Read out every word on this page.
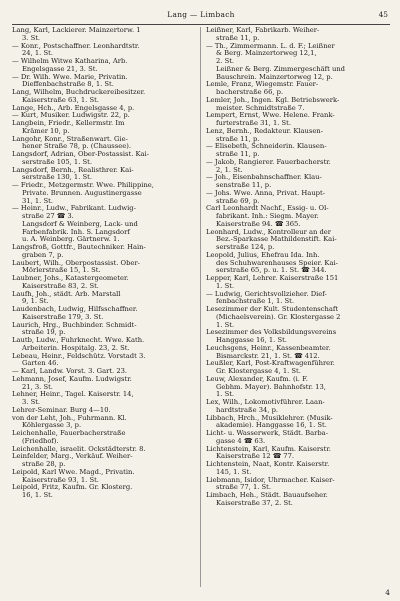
Lang — Limbach	45
Lang, Karl, Lackierer. Mainzertorw. 1
3. St.
— Konr., Postschaffner. Leonhardtstr.
24, 1. St.
— Wilhelm Witwe Katharina, Arb.
Engelsgasse 21, 3. St.
— Dr. Wilh. Wwe. Marie, Privatin.
Dieffenbachstraße 8, 1. St.
Lang, Wilhelm, Buchdruckereibesitzer.
Kaiserstraße 63, 1. St.
Lange, Hch., Arb. Engelsgasse 4, p.
— Kurt, Musiker. Ludwigstr. 22, p.
Langbein, Friedr., Kellermstr. Im
Krämer 10, p.
Langohr, Konr., Straßenwart. Gie-
hener Straße 78, p. (Chaussee).
Langsdorf, Adrian, Ober-Postassist. Kai-
serstraße 105, 1. St.
Langsdorf, Bernh., Realisthrer. Kai-
serstraße 130, 1. St.
— Friedr., Metzgermstr. Wwe. Philippine,
Private. Brunnen. Augustinergasse
31, 1. St.
— Heinr., Ludw., Fabrikant. Ludwig-
straße 27 ☎ 3.
Langsdorf & Weinberg, Lack- und
Farbenfabrik. Inh. S. Langsdorf
u. A. Weinberg. Gärtnerw. 1.
Langsfroß, Gottfr., Bautechniker. Hain-
graben 7, p.
Laubert, Wilh., Oberpostassist. Ober-
Mörlerstraße 15, 1. St.
Laubner, Johs., Katastergeometer.
Kaiserstraße 83, 2. St.
Laufh, Joh., städt. Arb. Marstall
9, 1. St.
Laudenbach, Ludwig, Hilfsschaffner.
Kaiserstraße 179, 3. St.
Laurich, Hrg., Buchbinder. Schmidt-
straße 19, p.
Lautb, Ludw., Fuhrknecht. Wwe. Kath.
Arbeiterin. Hospitalg. 23, 2. St.
Lebeau, Heinr., Feldschütz. Vorstadt 3.
Garten 46.
— Karl, Landw. Vorst. 3. Gart. 23.
Lehmann, Josef, Kaufm. Ludwigstr.
21, 3. St.
Lehner, Heinr., Tagel. Kaiserstr. 14,
3. St.
Lehrer-Seminar. Burg 4—10.
von der Leht, Joh., Fuhrmann. Kl.
Köhlergasse 3, p.
Leichenhalle, Fauerbacherstraße
(Friedhof).
Leichenhalle, israelit. Ockstädterstr. 8.
Leinfelder, Marg., Verkäuf. Weiher-
straße 28, p.
Leipold, Karl Wwe. Magd., Privatin.
Kaiserstraße 93, 1. St.
Leipold, Fritz, Kaufm. Gr. Klosterg.
16, 1. St.
Leißner, Karl, Fabrikarb. Weiher-
straße 11, p.
— Th., Zimmermann. L. d. F.; Leißner
& Berg. Mainzertorweg 12,1,
2. St.
Leißner & Berg. Zimmergeschäft und
Bauschrein. Mainzertorweg 12, p.
Lemle, Franz, Wiegemstr. Fauer-
bacherstraße 66, p.
Lemler, Joh., Ingen. Kgl. Betriebswerk-
meister. Schmidtstraße 7.
Lempert, Ernst, Wwe. Helene. Frank-
furterstraße 31, 1. St.
Lenz, Bernh., Redakteur. Klausen-
straße 11, p.
— Elisebeth, Schneiderin. Klausen-
straße 11, p.
— Jakob, Rangierer. Fauerbacherstr.
2, 1. St.
— Joh., Eisenbahnschaffner. Klau-
senstraße 11, p.
— Johs. Wwe. Anna, Privat. Haupt-
straße 69, p.
Carl Leonhardt Nachf., Essig- u. Öl-
fabrikant. Inh.: Siegm. Mayer.
Kaiserstraße 94. ☎ 365.
Leonhard, Ludw., Kontrolleur an der
Bez.-Sparkasse Mathildenstift. Kai-
serstraße 124, p.
Leopold, Julius, Ehefrau Ida. Inh.
des Schuhwarenhauses Speier. Kai-
serstraße 65, p. u. 1. St. ☎ 344.
Lepper, Karl, Lehrer. Kaiserstraße 151
1. St.
— Ludwig, Gerichtsvollzieher. Dief-
fenbachstraße 1, 1. St.
Lesezimmer der Kult. Studentenschaft
(Michaelsverein). Gr. Klostergasse 2
1. St.
Lesezimmer des Volksbildungsvereins
Hanggasse 16, 1. St.
Leuchsgens, Heinr., Kassenbeamter.
Bismarckstr. 21, 1. St. ☎ 412.
Leußler, Karl, Post-Kraftwagenführer.
Gr. Klostergasse 4, 1. St.
Leuw, Alexander, Kaufm. (i. F.
Gebhm. Mayer). Bahnhofstr. 13,
1. St.
Lex, Wilh., Lokomotivführer. Laan-
hardtstraße 34, p.
Libbach, Hrch., Musiklehrer. (Musik-
akademie). Hanggasse 16, 1. St.
Licht- u. Wasserwerk, Städt. Barba-
gasse 4 ☎ 63.
Lichtenstein, Karl, Kaufm. Kaiserstr.
Kaiserstraße 12 ☎ 77.
Lichtenstein, Naat, Kontr. Kaiserstr.
145, 1. St.
Liebmann, Isidor, Uhrmacher. Kaiser-
straße 77, 1. St.
Limbach, Heh., Städt. Bauaufseher.
Kaiserstraße 37, 2. St.
4
